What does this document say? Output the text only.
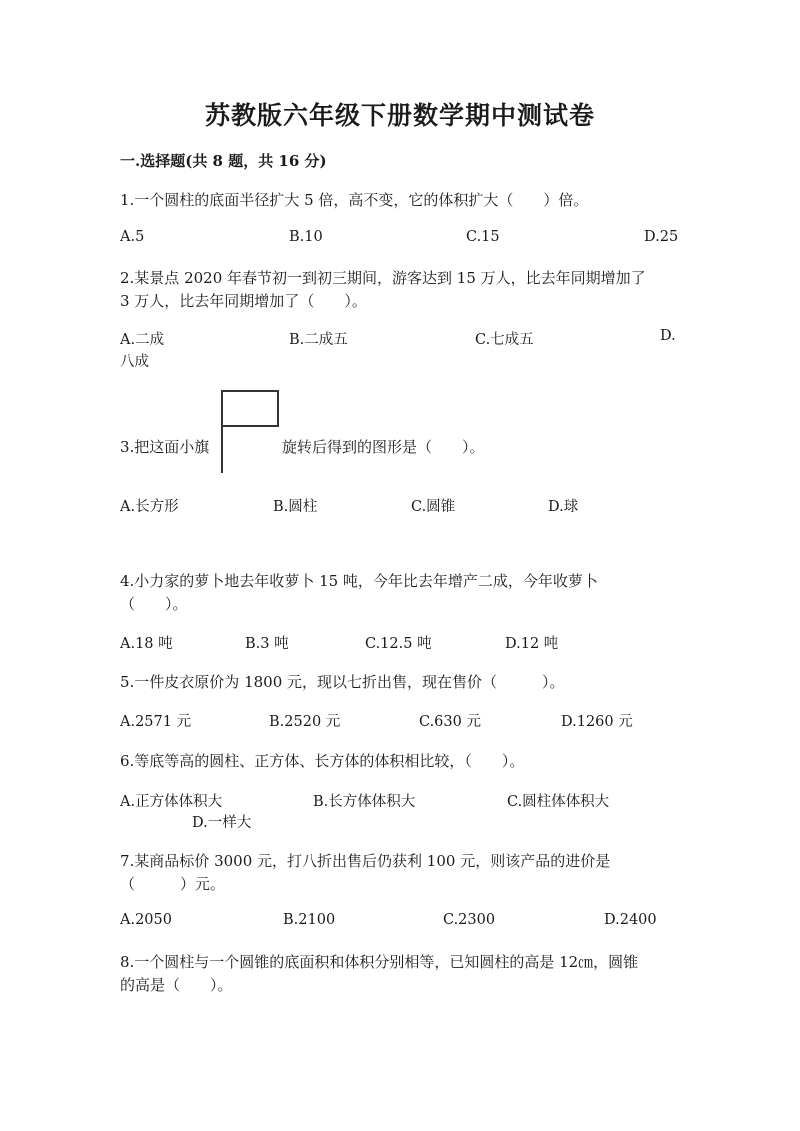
苏教版六年级下册数学期中测试卷
一.选择题(共 8 题，共 16 分)
1.一个圆柱的底面半径扩大 5 倍，高不变，它的体积扩大（　　）倍。
A.5	B.10	C.15	D.25
2.某景点 2020 年春节初一到初三期间，游客达到 15 万人，比去年同期增加了
3 万人，比去年同期增加了（　　）。
A.二成	B.二成五	C.七成五	D.
八成
3.把这面小旗	旋转后得到的图形是（　　）。
A.长方形	B.圆柱	C.圆锥	D.球
4.小力家的萝卜地去年收萝卜 15 吨，今年比去年增产二成，今年收萝卜
（　　）。
A.18 吨	B.3 吨	C.12.5 吨	D.12 吨
5.一件皮衣原价为 1800 元，现以七折出售，现在售价（　　　）。
A.2571 元	B.2520 元	C.630 元	D.1260 元
6.等底等高的圆柱、正方体、长方体的体积相比较，（　　）。
A.正方体体积大	B.长方体体积大	C.圆柱体体积大
D.一样大
7.某商品标价 3000 元，打八折出售后仍获利 100 元，则该产品的进价是
（　　　）元。
A.2050	B.2100	C.2300	D.2400
8.一个圆柱与一个圆锥的底面积和体积分别相等，已知圆柱的高是 12㎝，圆锥
的高是（　　）。
